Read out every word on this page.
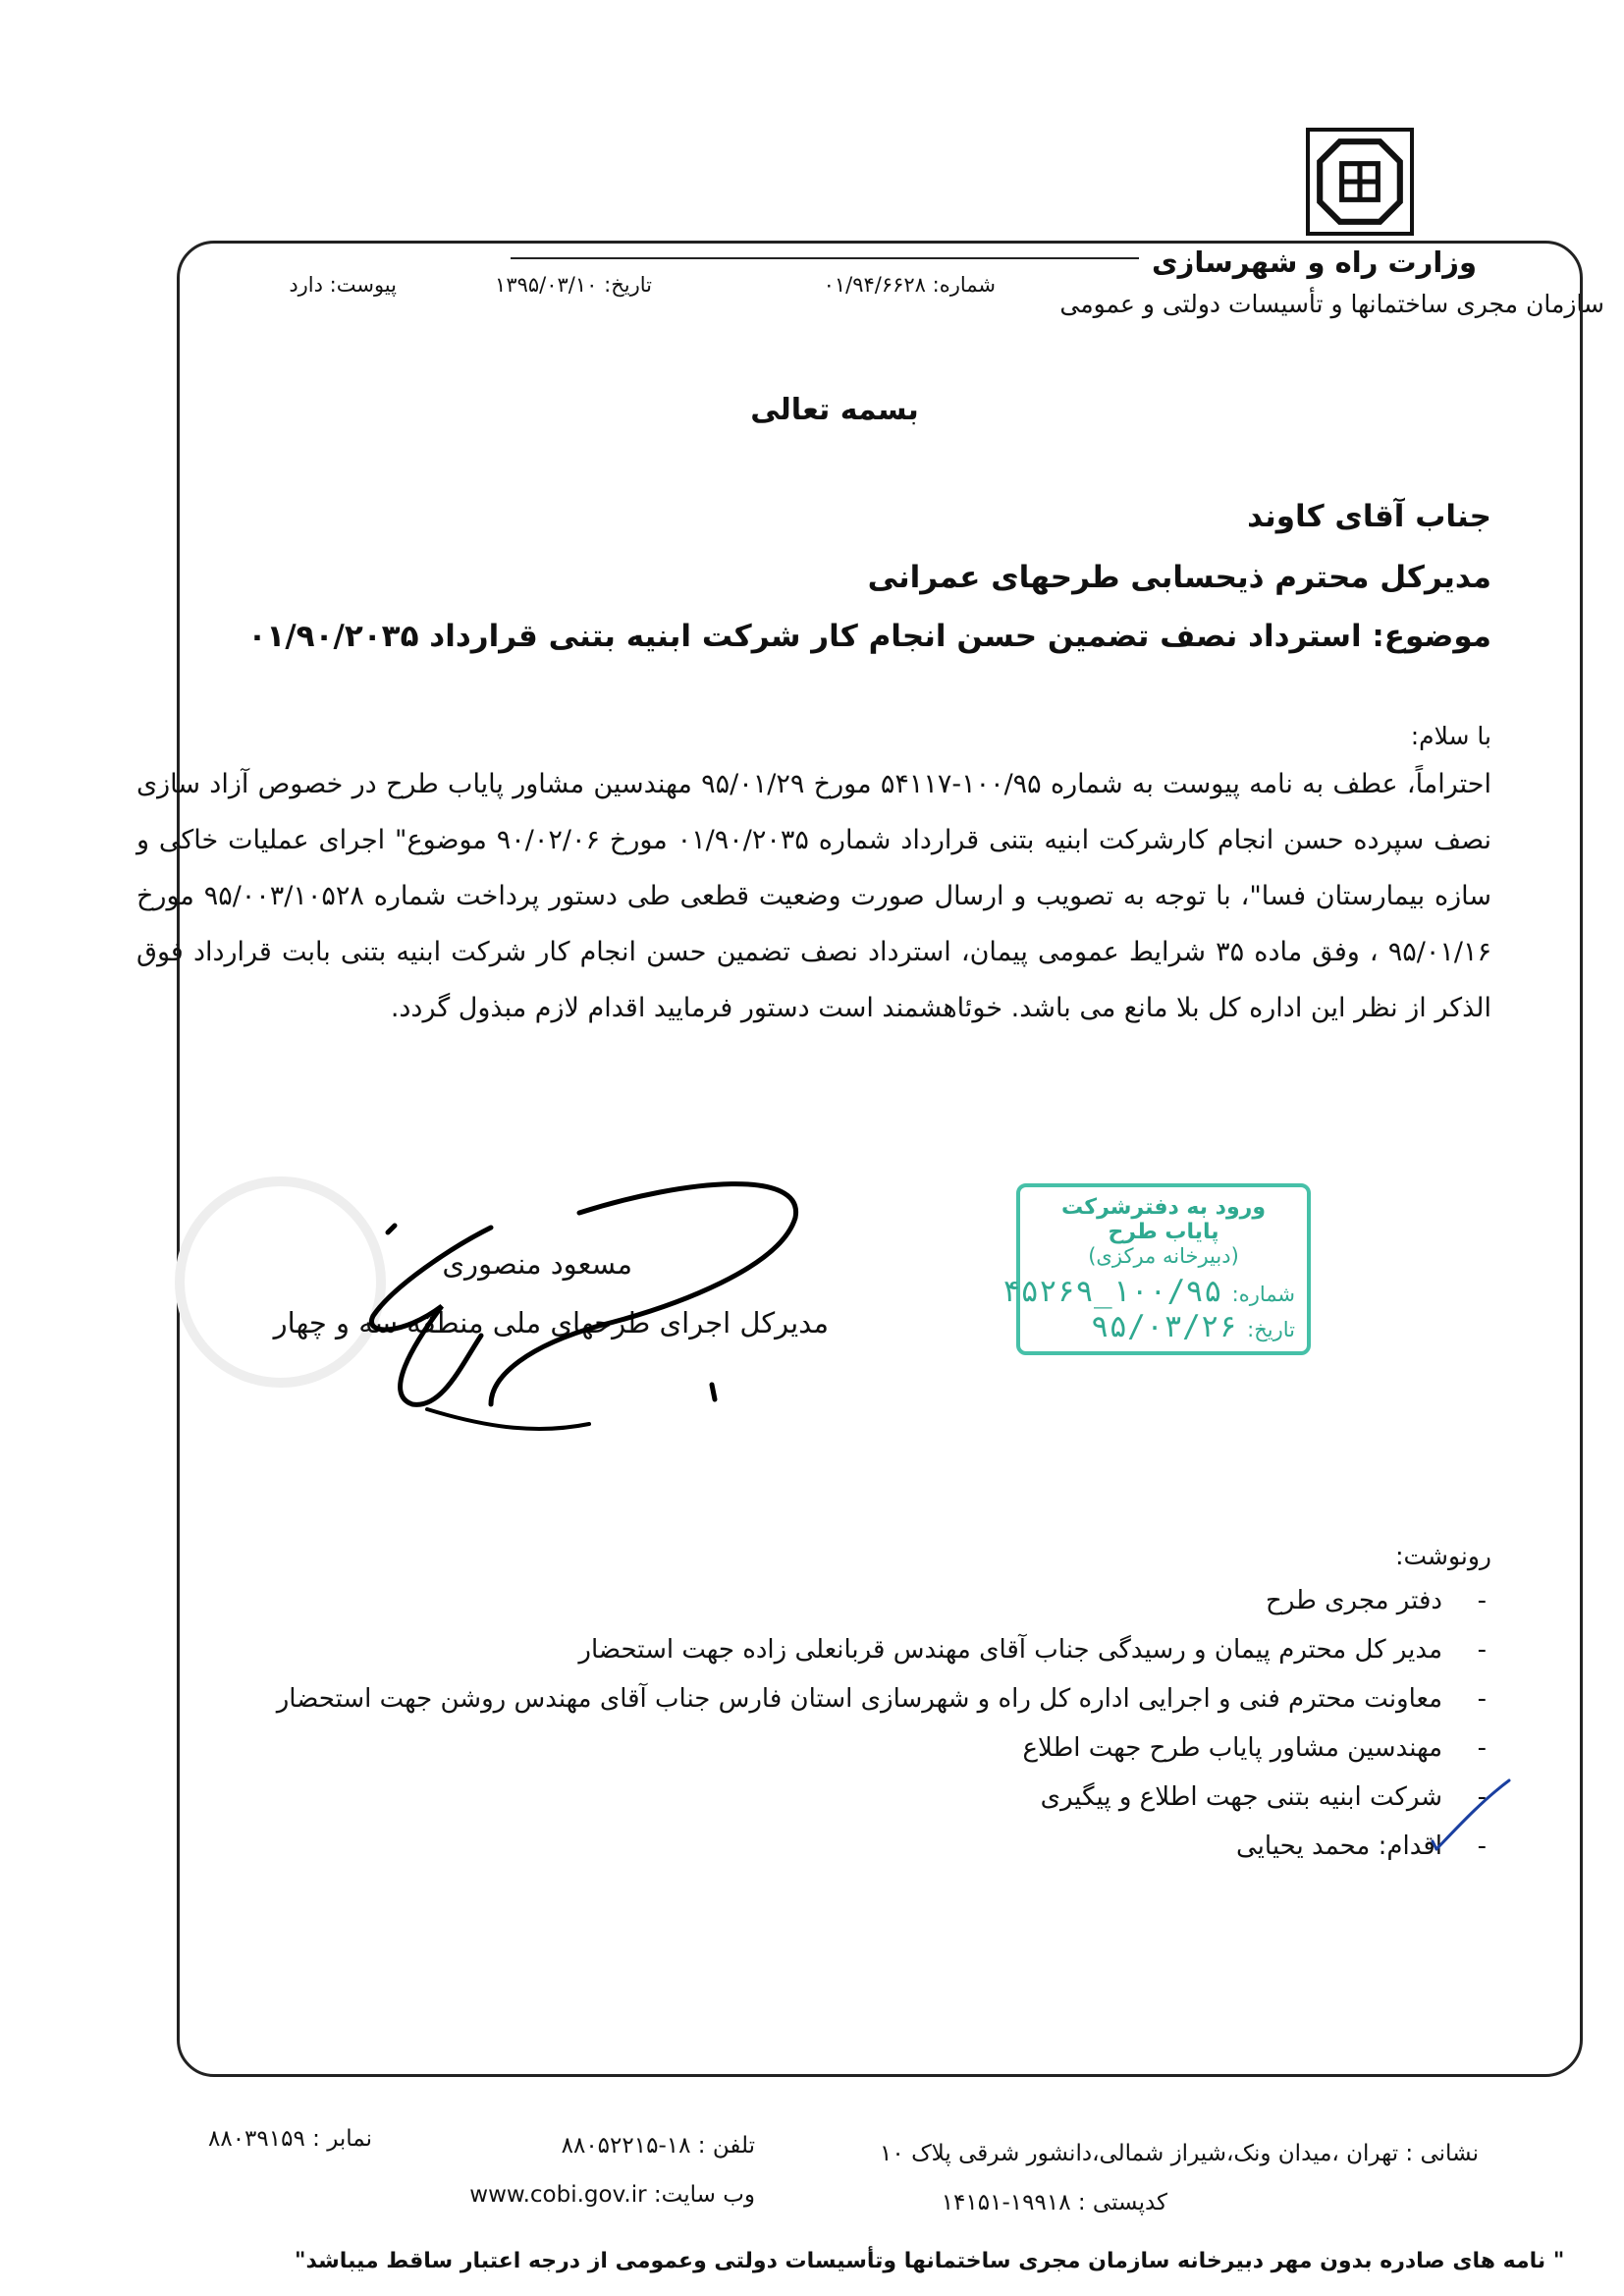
وزارت راه و شهرسازی
سازمان مجری ساختمانها و تأسیسات دولتی و عمومی
شماره: ۰۱/۹۴/۶۶۲۸
تاریخ: ۱۳۹۵/۰۳/۱۰
پیوست: دارد
بسمه تعالی
جناب آقای کاوند
مدیرکل محترم ذیحسابی طرحهای عمرانی
موضوع: استرداد نصف تضمین حسن انجام کار شرکت ابنیه بتنی قرارداد ۰۱/۹۰/۲۰۳۵
با سلام:
احتراماً، عطف به نامه پیوست به شماره ۱۰۰/۹۵-۵۴۱۱۷ مورخ ۹۵/۰۱/۲۹ مهندسین مشاور پایاب طرح در خصوص آزاد سازی نصف سپرده حسن انجام کارشرکت ابنیه بتنی قرارداد شماره ۰۱/۹۰/۲۰۳۵ مورخ ۹۰/۰۲/۰۶ موضوع" اجرای عملیات خاکی و سازه بیمارستان فسا"، با توجه به تصویب و ارسال صورت وضعیت قطعی طی دستور پرداخت شماره ۹۵/۰۰۳/۱۰۵۲۸ مورخ ۹۵/۰۱/۱۶ ، وفق ماده ۳۵ شرایط عمومی پیمان، استرداد نصف تضمین حسن انجام کار شرکت ابنیه بتنی بابت قرارداد فوق الذکر از نظر این اداره کل بلا مانع می باشد. خوئاهشمند است دستور فرمایید اقدام لازم مبذول گردد.
مسعود منصوری
مدیرکل اجرای طرحهای ملی منطقه سه و چهار
ورود به دفترشرکت پایاب طرح
(دبیرخانه مرکزی)
شماره:
۱۰۰/۹۵_۴۵۲۶۹
تاریخ:
۹۵/۰۳/۲۶
رونوشت:
- دفتر مجری طرح
- مدیر کل محترم پیمان و رسیدگی جناب آقای مهندس قربانعلی زاده جهت استحضار
- معاونت محترم فنی و اجرایی اداره کل راه و شهرسازی استان فارس جناب آقای مهندس روشن جهت استحضار
- مهندسین مشاور پایاب طرح جهت اطلاع
- شرکت ابنیه بتنی جهت اطلاع و پیگیری
- اقدام: محمد یحیایی
نشانی : تهران ،میدان ونک،شیراز شمالی،دانشور شرقی پلاک ۱۰
تلفن : ۱۸-۸۸۰۵۲۲۱۵
نمابر : ۸۸۰۳۹۱۵۹
کدپستی : ۱۹۹۱۸-۱۴۱۵۱
وب سایت: www.cobi.gov.ir
" نامه های صادره بدون مهر دبیرخانه سازمان مجری ساختمانها وتأسیسات دولتی وعمومی از درجه اعتبار ساقط میباشد"
